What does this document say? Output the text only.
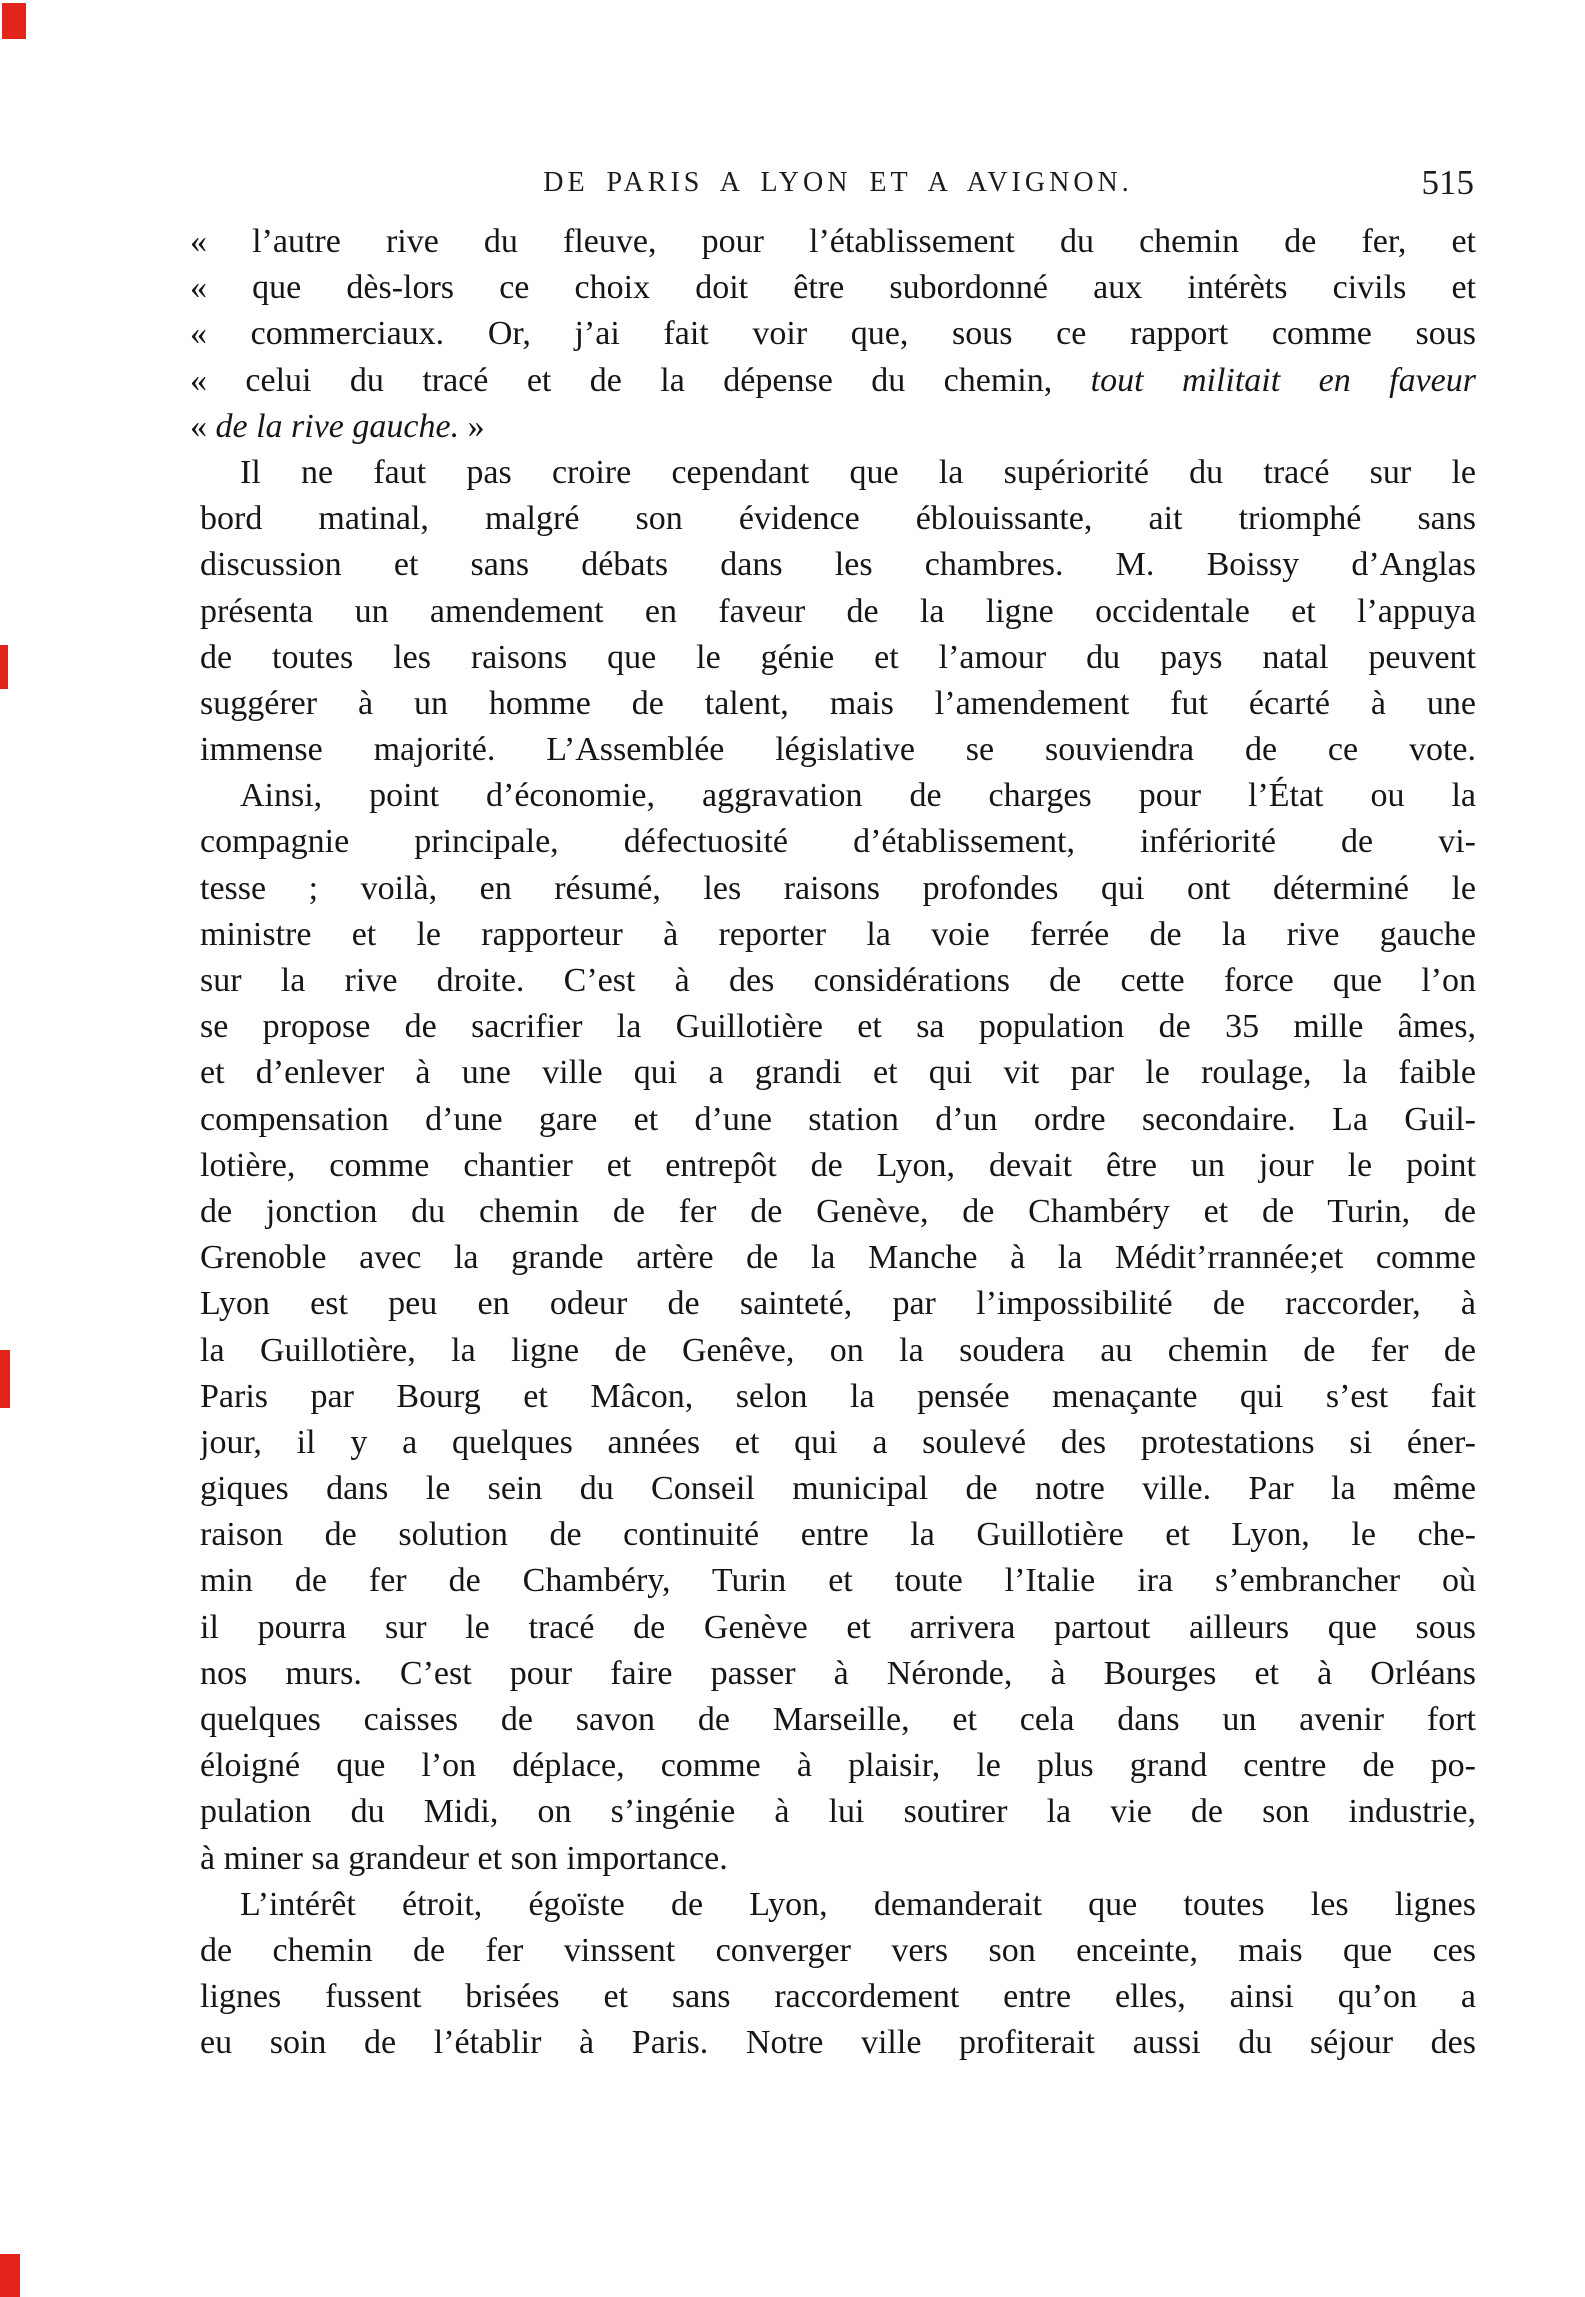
DE PARIS A LYON ET A AVIGNON.	515
« l’autre rive du fleuve, pour l’établissement du chemin de fer, et
« que dès-lors ce choix doit être subordonné aux intérèts civils et
« commerciaux. Or, j’ai fait voir que, sous ce rapport comme sous
« celui du tracé et de la dépense du chemin, tout militait en faveur
« de la rive gauche. »
Il ne faut pas croire cependant que la supériorité du tracé sur le
bord matinal, malgré son évidence éblouissante, ait triomphé sans
discussion et sans débats dans les chambres. M. Boissy d’Anglas
présenta un amendement en faveur de la ligne occidentale et l’appuya
de toutes les raisons que le génie et l’amour du pays natal peuvent
suggérer à un homme de talent, mais l’amendement fut écarté à une
immense majorité. L’Assemblée législative se souviendra de ce vote.
Ainsi, point d’économie, aggravation de charges pour l’État ou la
compagnie principale, défectuosité d’établissement, infériorité de vi-
tesse ; voilà, en résumé, les raisons profondes qui ont déterminé le
ministre et le rapporteur à reporter la voie ferrée de la rive gauche
sur la rive droite. C’est à des considérations de cette force que l’on
se propose de sacrifier la Guillotière et sa population de 35 mille âmes,
et d’enlever à une ville qui a grandi et qui vit par le roulage, la faible
compensation d’une gare et d’une station d’un ordre secondaire. La Guil-
lotière, comme chantier et entrepôt de Lyon, devait être un jour le point
de jonction du chemin de fer de Genève, de Chambéry et de Turin, de
Grenoble avec la grande artère de la Manche à la Médit’rrannée;et comme
Lyon est peu en odeur de sainteté, par l’impossibilité de raccorder, à
la Guillotière, la ligne de Genêve, on la soudera au chemin de fer de
Paris par Bourg et Mâcon, selon la pensée menaçante qui s’est fait
jour, il y a quelques années et qui a soulevé des protestations si éner-
giques dans le sein du Conseil municipal de notre ville. Par la même
raison de solution de continuité entre la Guillotière et Lyon, le che-
min de fer de Chambéry, Turin et toute l’Italie ira s’embrancher où
il pourra sur le tracé de Genève et arrivera partout ailleurs que sous
nos murs. C’est pour faire passer à Néronde, à Bourges et à Orléans
quelques caisses de savon de Marseille, et cela dans un avenir fort
éloigné que l’on déplace, comme à plaisir, le plus grand centre de po-
pulation du Midi, on s’ingénie à lui soutirer la vie de son industrie,
à miner sa grandeur et son importance.
L’intérêt étroit, égoïste de Lyon, demanderait que toutes les lignes
de chemin de fer vinssent converger vers son enceinte, mais que ces
lignes fussent brisées et sans raccordement entre elles, ainsi qu’on a
eu soin de l’établir à Paris. Notre ville profiterait aussi du séjour des
